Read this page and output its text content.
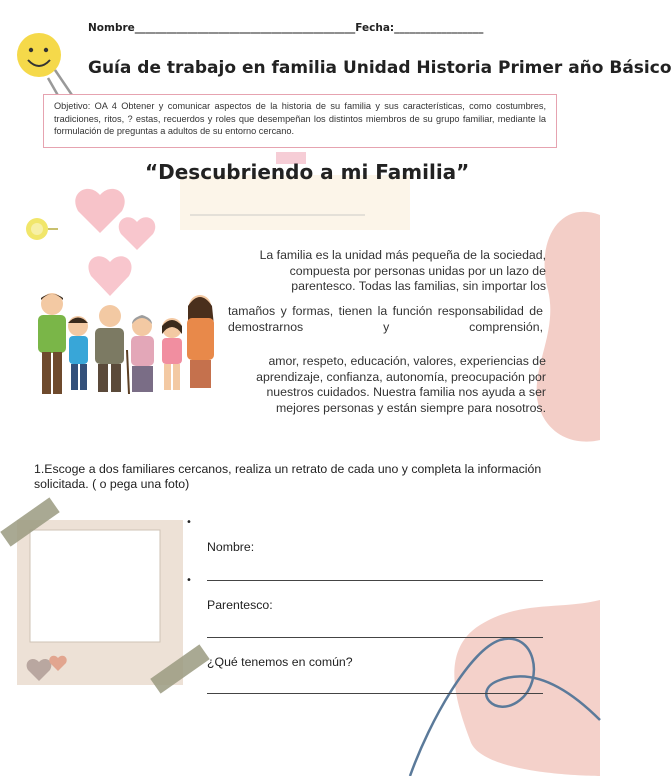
Nombre__________________________________________Fecha:_________________
Guía de trabajo en familia Unidad Historia Primer año Básico
Objetivo: OA 4 Obtener y comunicar aspectos de la historia de su familia y sus características, como costumbres, tradiciones, ritos, ? estas, recuerdos y roles que desempeñan los distintos miembros de su grupo familiar, mediante la formulación de preguntas a adultos de su entorno cercano.
“Descubriendo a mi Familia”
La familia es la unidad más pequeña de la sociedad, compuesta por personas unidas por un lazo de parentesco. Todas las familias, sin importar los
tamaños y formas, tienen la función responsabilidad de demostrarnos y comprensión,
amor, respeto, educación, valores, experiencias de aprendizaje, confianza, autonomía, preocupación por nuestros cuidados. Nuestra familia nos ayuda a ser mejores personas y están siempre para nosotros.
1.Escoge a dos familiares cercanos, realiza un retrato de cada uno y completa la información solicitada. ( o pega una foto)
•
Nombre:
•
Parentesco:
¿Qué tenemos en común?
